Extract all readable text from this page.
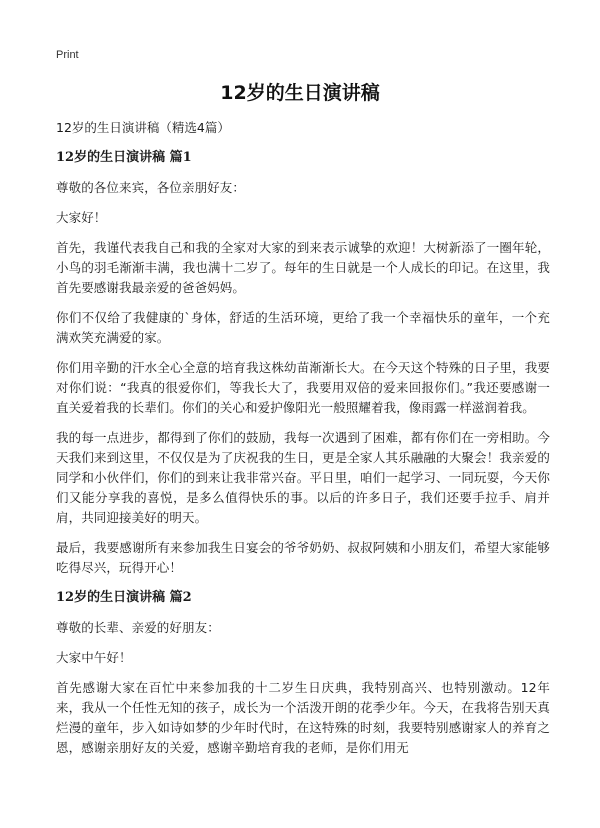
Print
12岁的生日演讲稿
12岁的生日演讲稿（精选4篇）
12岁的生日演讲稿 篇1

尊敬的各位来宾，各位亲朋好友：

大家好！

首先，我谨代表我自己和我的全家对大家的到来表示诚挚的欢迎！大树新添了一圈年轮，小鸟的羽毛渐渐丰满，我也满十二岁了。每年的生日就是一个人成长的印记。在这里，我首先要感谢我最亲爱的爸爸妈妈。

你们不仅给了我健康的`身体，舒适的生活环境，更给了我一个幸福快乐的童年，一个充满欢笑充满爱的家。

你们用辛勤的汗水全心全意的培育我这株幼苗渐渐长大。在今天这个特殊的日子里，我要对你们说：“我真的很爱你们，等我长大了，我要用双倍的爱来回报你们。”我还要感谢一直关爱着我的长辈们。你们的关心和爱护像阳光一般照耀着我，像雨露一样滋润着我。

我的每一点进步，都得到了你们的鼓励，我每一次遇到了困难，都有你们在一旁相助。今天我们来到这里，不仅仅是为了庆祝我的生日，更是全家人其乐融融的大聚会！我亲爱的同学和小伙伴们，你们的到来让我非常兴奋。平日里，咱们一起学习、一同玩耍，今天你们又能分享我的喜悦，是多么值得快乐的事。以后的许多日子，我们还要手拉手、肩并肩，共同迎接美好的明天。

最后，我要感谢所有来参加我生日宴会的爷爷奶奶、叔叔阿姨和小朋友们，希望大家能够吃得尽兴，玩得开心！

12岁的生日演讲稿 篇2

尊敬的长辈、亲爱的好朋友：

大家中午好！

首先感谢大家在百忙中来参加我的十二岁生日庆典，我特别高兴、也特别激动。12年来，我从一个任性无知的孩子，成长为一个活泼开朗的花季少年。今天，在我将告别天真烂漫的童年，步入如诗如梦的少年时代时，在这特殊的时刻，我要特别感谢家人的养育之恩，感谢亲朋好友的关爱，感谢辛勤培育我的老师，是你们用无
